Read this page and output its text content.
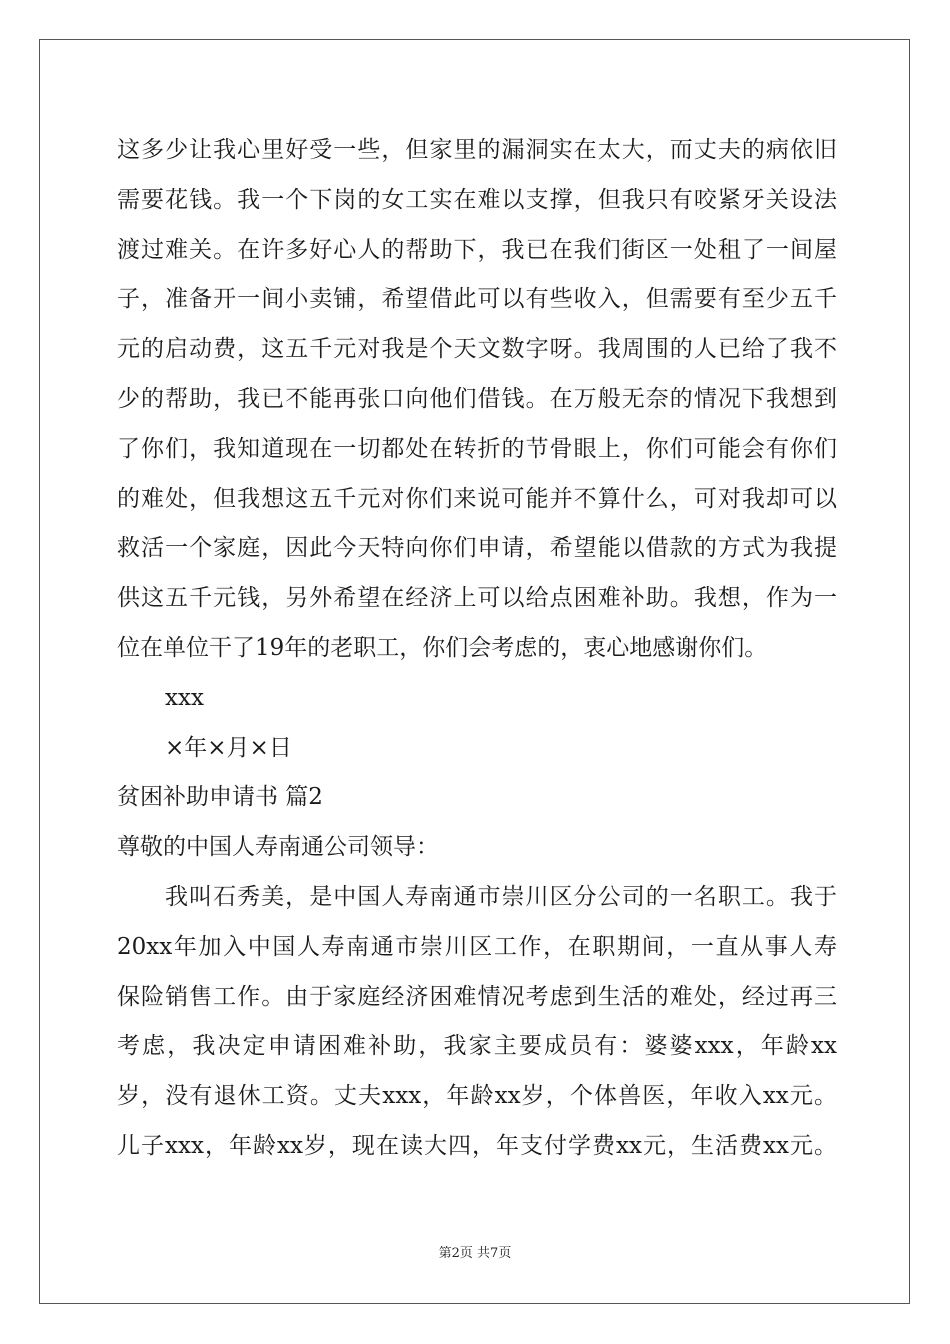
这多少让我心里好受一些，但家里的漏洞实在太大，而丈夫的病依旧
需要花钱。我一个下岗的女工实在难以支撑，但我只有咬紧牙关设法
渡过难关。在许多好心人的帮助下，我已在我们街区一处租了一间屋
子，准备开一间小卖铺，希望借此可以有些收入，但需要有至少五千
元的启动费，这五千元对我是个天文数字呀。我周围的人已给了我不
少的帮助，我已不能再张口向他们借钱。在万般无奈的情况下我想到
了你们，我知道现在一切都处在转折的节骨眼上，你们可能会有你们
的难处，但我想这五千元对你们来说可能并不算什么，可对我却可以
救活一个家庭，因此今天特向你们申请，希望能以借款的方式为我提
供这五千元钱，另外希望在经济上可以给点困难补助。我想，作为一
位在单位干了19年的老职工，你们会考虑的，衷心地感谢你们。
xxx
×年×月×日
贫困补助申请书 篇2
尊敬的中国人寿南通公司领导：
我叫石秀美，是中国人寿南通市崇川区分公司的一名职工。我于
20xx年加入中国人寿南通市崇川区工作，在职期间，一直从事人寿
保险销售工作。由于家庭经济困难情况考虑到生活的难处，经过再三
考虑，我决定申请困难补助，我家主要成员有：婆婆xxx，年龄xx
岁，没有退休工资。丈夫xxx，年龄xx岁，个体兽医，年收入xx元。
儿子xxx，年龄xx岁，现在读大四，年支付学费xx元，生活费xx元。
第2页 共7页
